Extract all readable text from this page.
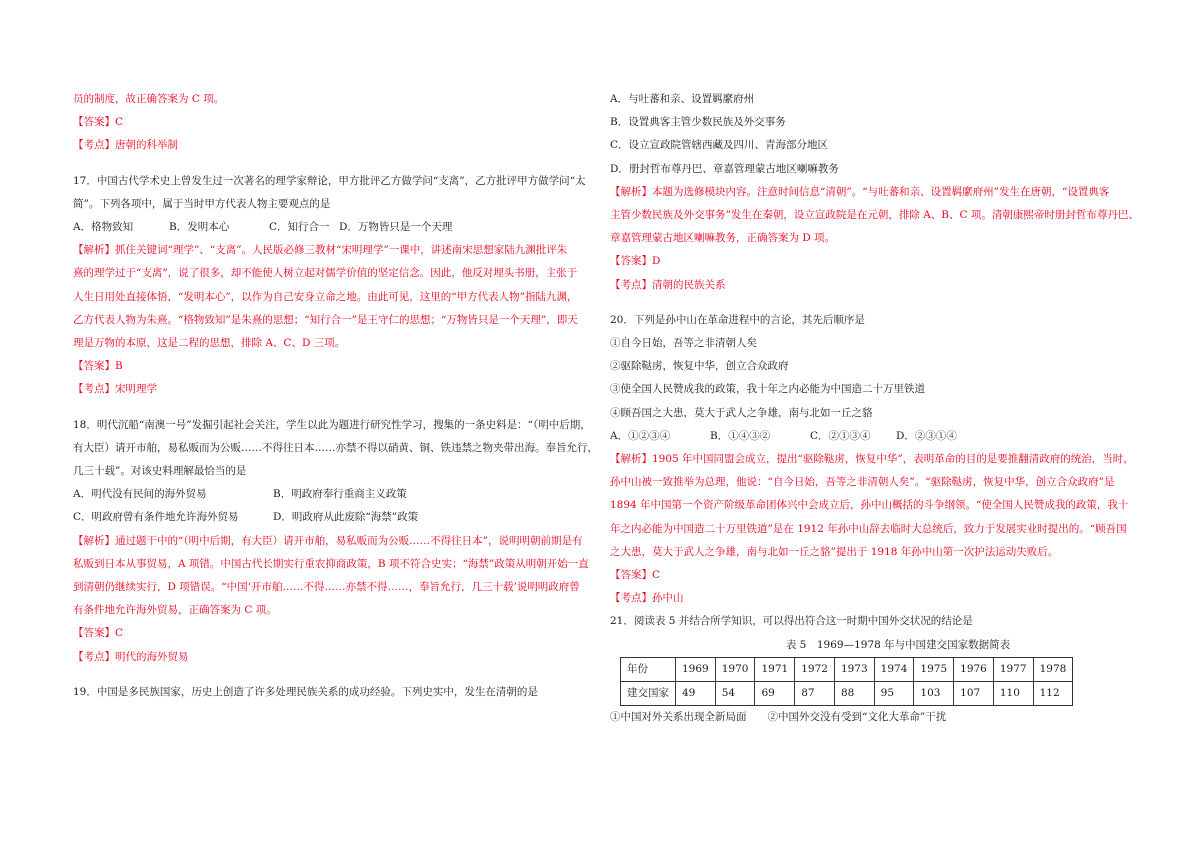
员的制度，故正确答案为 C 项。
【答案】C
【考点】唐朝的科举制
17．中国古代学术史上曾发生过一次著名的理学家辩论，甲方批评乙方做学问“支离”，乙方批评甲方做学问“太
简”。下列各项中，属于当时甲方代表人物主要观点的是
A．格物致知	B．发明本心	C．知行合一 D．万物皆只是一个天理
【解析】抓住关键词“理学”、“支离”。人民版必修三教材“宋明理学”一课中，讲述南宋思想家陆九渊批评朱
熹的理学过于“支离”，说了很多，却不能使人树立起对儒学价值的坚定信念。因此，他反对埋头书册，主张于
人生日用处直接体悟，“发明本心”，以作为自己安身立命之地。由此可见，这里的“甲方代表人物”指陆九渊，
乙方代表人物为朱熹。“格物致知”是朱熹的思想；“知行合一”是王守仁的思想；“万物皆只是一个天理”，即天
理是万物的本原，这是二程的思想，排除 A、C、D 三项。
【答案】B
【考点】宋明理学
18．明代沉船“南澳一号”发掘引起社会关注，学生以此为题进行研究性学习，搜集的一条史料是：“（明中后期，
有大臣）请开市舶，易私贩而为公贩……不得往日本……亦禁不得以硝黄、铜、铁违禁之物夹带出海。奉旨允行，
几三十载”。对该史料理解最恰当的是
A．明代没有民间的海外贸易	B．明政府奉行重商主义政策
C．明政府曾有条件地允许海外贸易	D．明政府从此废除“海禁”政策
【解析】通过题干中的“（明中后期，有大臣）请开市舶，易私贩而为公贩……不得往日本”，说明明朝前期是有
私贩到日本从事贸易，A 项错。中国古代长期实行重农抑商政策，B 项不符合史实；“海禁”政策从明朝开始一直
到清朝仍继续实行，D 项错误。“中国‘开市舶……不得……亦禁不得……，奉旨允行，几三十载’说明明政府曾
有条件地允许海外贸易，正确答案为 C 项。
【答案】C
【考点】明代的海外贸易
19．中国是多民族国家，历史上创造了许多处理民族关系的成功经验。下列史实中，发生在清朝的是
A．与吐蕃和亲、设置羁縻府州
B．设置典客主管少数民族及外交事务
C．设立宣政院管辖西藏及四川、青海部分地区
D．册封哲布尊丹巴、章嘉管理蒙古地区喇嘛教务
【解析】本题为选修模块内容。注意时间信息“清朝”。“与吐蕃和亲、设置羁縻府州”发生在唐朝，“设置典客
主管少数民族及外交事务”发生在秦朝，设立宣政院是在元朝，排除 A、B、C 项。清朝康熙帝时册封哲布尊丹巴、
章嘉管理蒙古地区喇嘛教务，正确答案为 D 项。
【答案】D
【考点】清朝的民族关系
20．下列是孙中山在革命进程中的言论，其先后顺序是
①自今日始，吾等之非清朝人矣
②驱除鞑虏，恢复中华，创立合众政府
③使全国人民赞成我的政策，我十年之内必能为中国造二十万里铁道
④顾吾国之大患，莫大于武人之争雄，南与北如一丘之貉
A．①②③④	B．①④③②	C．②①③④ D．②③①④
【解析】1905 年中国同盟会成立，提出“驱除鞑虏，恢复中华”，表明革命的目的是要推翻清政府的统治，当时，
孙中山被一致推举为总理，他说：“自今日始，吾等之非清朝人矣”。“驱除鞑虏，恢复中华，创立合众政府”是
1894 年中国第一个资产阶级革命团体兴中会成立后，孙中山概括的斗争纲领。“使全国人民赞成我的政策，我十
年之内必能为中国造二十万里铁道”是在 1912 年孙中山辞去临时大总统后，致力于发展实业时提出的。“顾吾国
之大患，莫大于武人之争雄，南与北如一丘之貉”提出于 1918 年孙中山第一次护法运动失败后。
【答案】C
【考点】孙中山
21．阅读表 5 并结合所学知识，可以得出符合这一时期中国外交状况的结论是
表 5　1969—1978 年与中国建交国家数据简表
年份	1969	1970	1971	1972	1973	1974	1975	1976	1977	1978
建交国家	49	54	69	87	88	95	103	107	110	112
①中国对外关系出现全新局面　　②中国外交没有受到“文化大革命”干扰
